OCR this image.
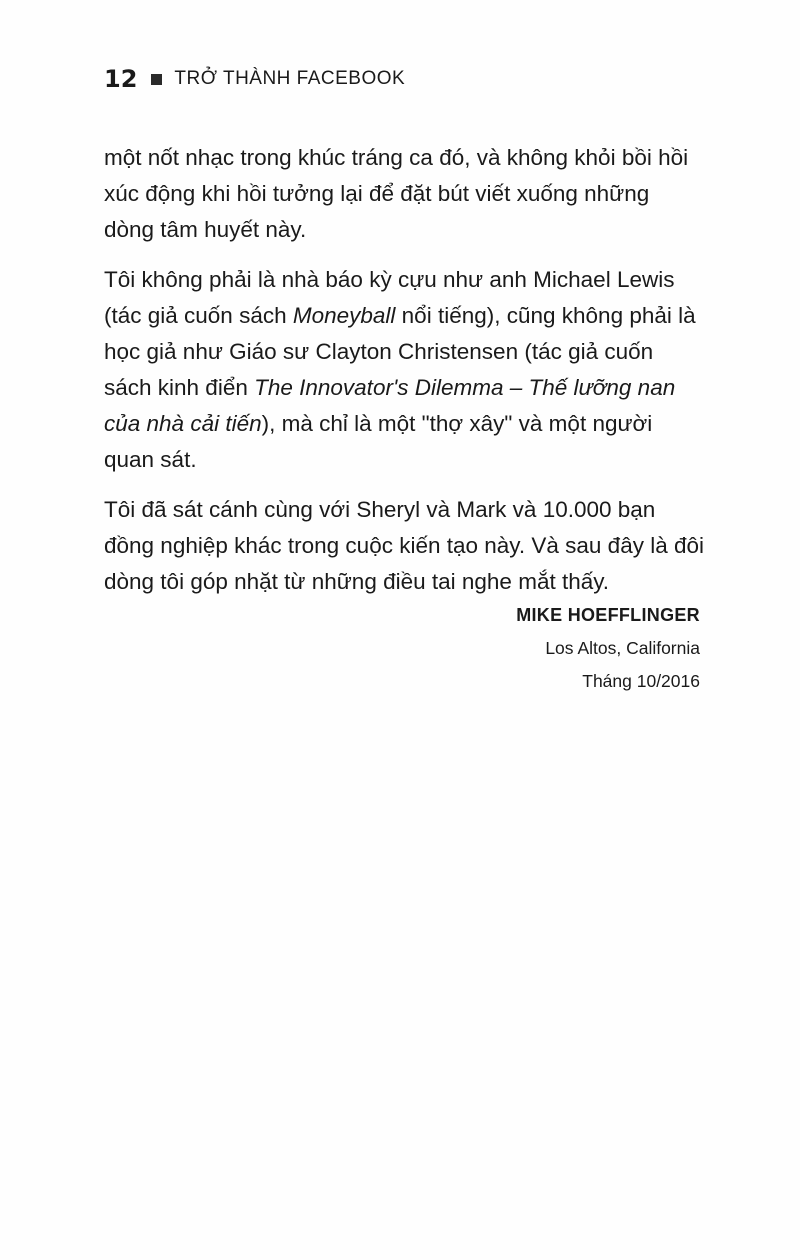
12 TRỞ THÀNH FACEBOOK

một nốt nhạc trong khúc tráng ca đó, và không khỏi bồi hồi xúc động khi hồi tưởng lại để đặt bút viết xuống những dòng tâm huyết này.

Tôi không phải là nhà báo kỳ cựu như anh Michael Lewis (tác giả cuốn sách Moneyball nổi tiếng), cũng không phải là học giả như Giáo sư Clayton Christensen (tác giả cuốn sách kinh điển The Innovator's Dilemma – Thế lưỡng nan của nhà cải tiến), mà chỉ là một "thợ xây" và một người quan sát.

Tôi đã sát cánh cùng với Sheryl và Mark và 10.000 bạn đồng nghiệp khác trong cuộc kiến tạo này. Và sau đây là đôi dòng tôi góp nhặt từ những điều tai nghe mắt thấy.

MIKE HOEFFLINGER
Los Altos, California
Tháng 10/2016
